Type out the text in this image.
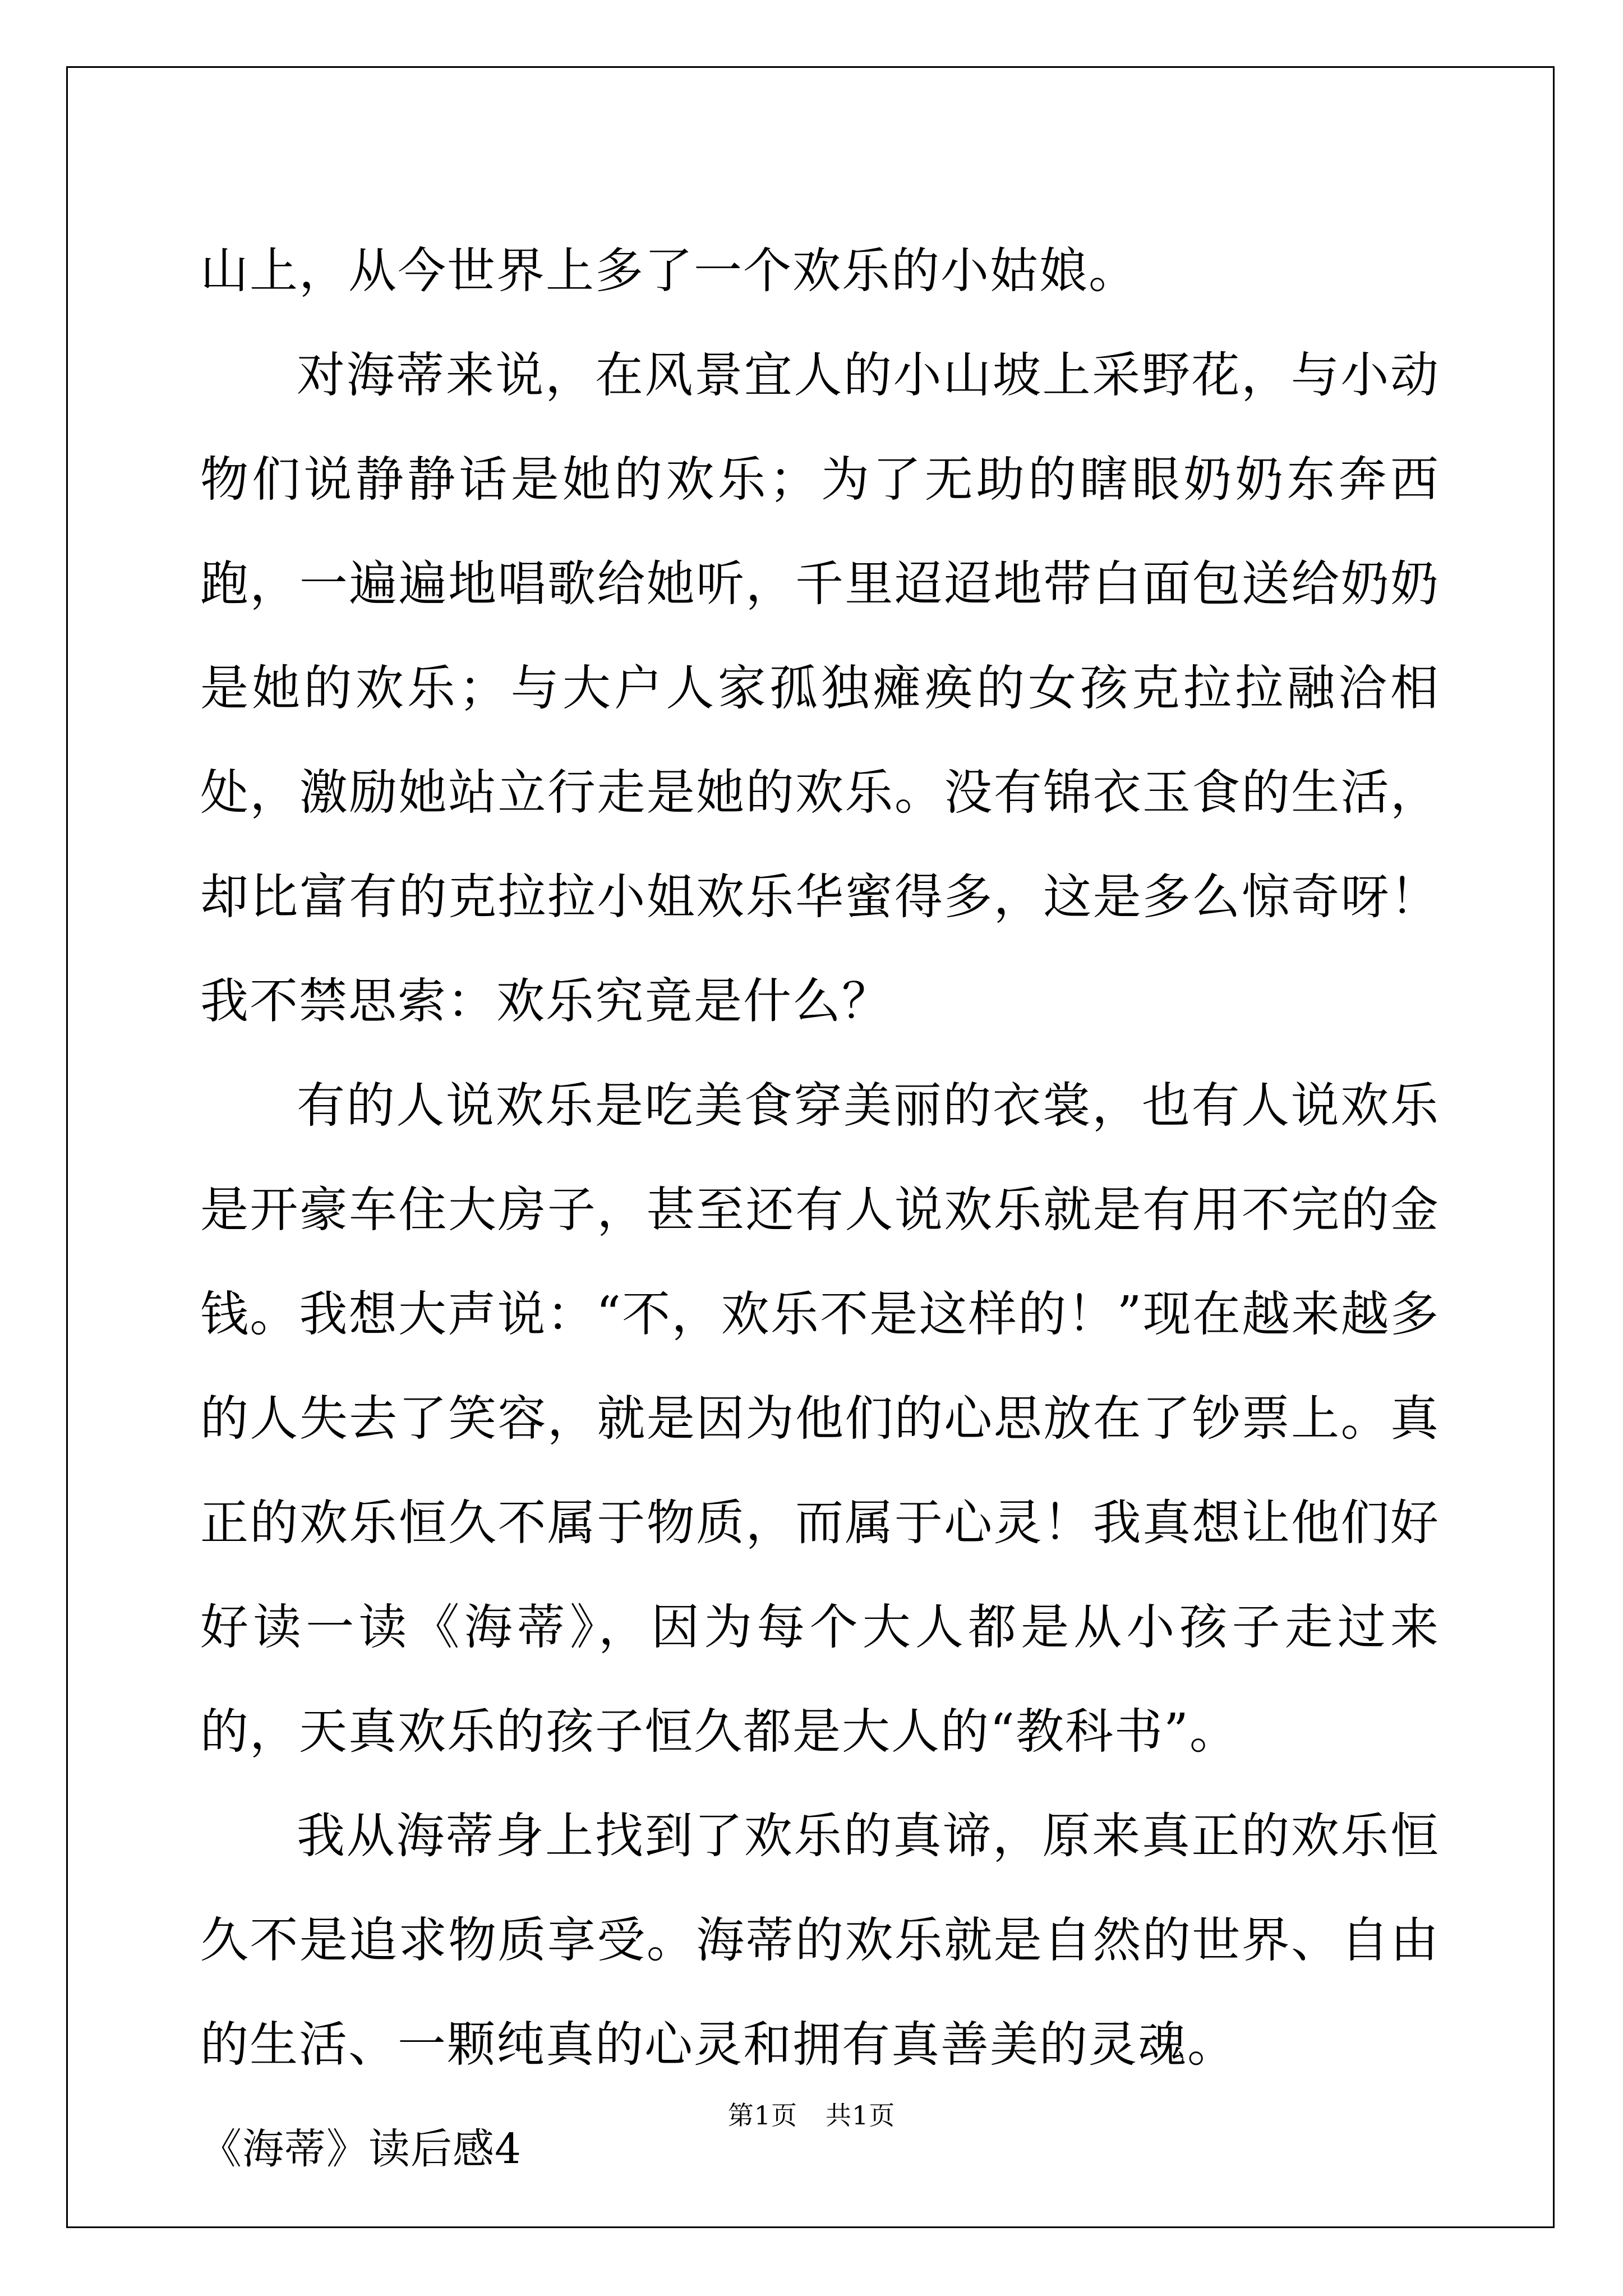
山上，从今世界上多了一个欢乐的小姑娘。

对海蒂来说，在风景宜人的小山坡上采野花，与小动物们说静静话是她的欢乐；为了无助的瞎眼奶奶东奔西跑，一遍遍地唱歌给她听，千里迢迢地带白面包送给奶奶是她的欢乐；与大户人家孤独瘫痪的女孩克拉拉融洽相处，激励她站立行走是她的欢乐。没有锦衣玉食的生活，却比富有的克拉拉小姐欢乐华蜜得多，这是多么惊奇呀！我不禁思索：欢乐究竟是什么？

有的人说欢乐是吃美食穿美丽的衣裳，也有人说欢乐是开豪车住大房子，甚至还有人说欢乐就是有用不完的金钱。我想大声说：“不，欢乐不是这样的！”现在越来越多的人失去了笑容，就是因为他们的心思放在了钞票上。真正的欢乐恒久不属于物质，而属于心灵！我真想让他们好好读一读《海蒂》，因为每个大人都是从小孩子走过来的，天真欢乐的孩子恒久都是大人的“教科书”。

我从海蒂身上找到了欢乐的真谛，原来真正的欢乐恒久不是追求物质享受。海蒂的欢乐就是自然的世界、自由的生活、一颗纯真的心灵和拥有真善美的灵魂。

《海蒂》读后感4

第1页 共1页
